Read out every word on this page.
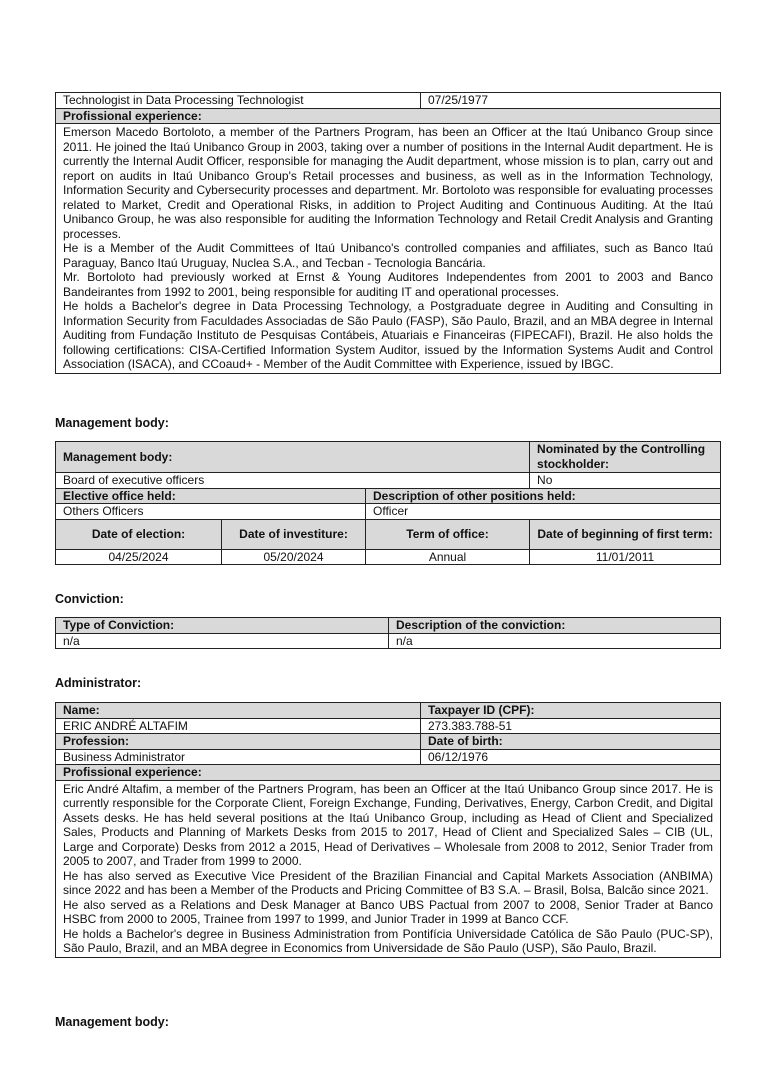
Technologist in Data Processing Technologist	07/25/1977
Profissional experience:

Emerson Macedo Bortoloto, a member of the Partners Program, has been an Officer at the Itaú Unibanco Group since 2011. He joined the Itaú Unibanco Group in 2003, taking over a number of positions in the Internal Audit department. He is currently the Internal Audit Officer, responsible for managing the Audit department, whose mission is to plan, carry out and report on audits in Itaú Unibanco Group's Retail processes and business, as well as in the Information Technology, Information Security and Cybersecurity processes and department. Mr. Bortoloto was responsible for evaluating processes related to Market, Credit and Operational Risks, in addition to Project Auditing and Continuous Auditing. At the Itaú Unibanco Group, he was also responsible for auditing the Information Technology and Retail Credit Analysis and Granting processes.

He is a Member of the Audit Committees of Itaú Unibanco's controlled companies and affiliates, such as Banco Itaú Paraguay, Banco Itaú Uruguay, Nuclea S.A., and Tecban - Tecnologia Bancária.

Mr. Bortoloto had previously worked at Ernst & Young Auditores Independentes from 2001 to 2003 and Banco Bandeirantes from 1992 to 2001, being responsible for auditing IT and operational processes.

He holds a Bachelor's degree in Data Processing Technology, a Postgraduate degree in Auditing and Consulting in Information Security from Faculdades Associadas de São Paulo (FASP), São Paulo, Brazil, and an MBA degree in Internal Auditing from Fundação Instituto de Pesquisas Contábeis, Atuariais e Financeiras (FIPECAFI), Brazil. He also holds the following certifications: CISA-Certified Information System Auditor, issued by the Information Systems Audit and Control Association (ISACA), and CCoaud+ - Member of the Audit Committee with Experience, issued by IBGC.

Management body:
Management body:			Nominated by the Controlling stockholder:
Board of executive officers			No
Elective office held:		Description of other positions held:	
Others Officers		Officer	
Date of election:	Date of investiture:	Term of office:	Date of beginning of first term:
04/25/2024	05/20/2024	Annual	11/01/2011
Conviction:
Type of Conviction:	Description of the conviction:
n/a	n/a
Administrator:
Name:	Taxpayer ID (CPF):
ERIC ANDRÉ ALTAFIM	273.383.788-51
Profession:	Date of birth:
Business Administrator	06/12/1976
Profissional experience:	

Eric André Altafim, a member of the Partners Program, has been an Officer at the Itaú Unibanco Group since 2017. He is currently responsible for the Corporate Client, Foreign Exchange, Funding, Derivatives, Energy, Carbon Credit, and Digital Assets desks. He has held several positions at the Itaú Unibanco Group, including as Head of Client and Specialized Sales, Products and Planning of Markets Desks from 2015 to 2017, Head of Client and Specialized Sales – CIB (UL, Large and Corporate) Desks from 2012 a 2015, Head of Derivatives – Wholesale from 2008 to 2012, Senior Trader from 2005 to 2007, and Trader from 1999 to 2000.

He has also served as Executive Vice President of the Brazilian Financial and Capital Markets Association (ANBIMA) since 2022 and has been a Member of the Products and Pricing Committee of B3 S.A. – Brasil, Bolsa, Balcão since 2021.

He also served as a Relations and Desk Manager at Banco UBS Pactual from 2007 to 2008, Senior Trader at Banco HSBC from 2000 to 2005, Trainee from 1997 to 1999, and Junior Trader in 1999 at Banco CCF.

He holds a Bachelor's degree in Business Administration from Pontifícia Universidade Católica de São Paulo (PUC-SP), São Paulo, Brazil, and an MBA degree in Economics from Universidade de São Paulo (USP), São Paulo, Brazil.	

Management body:
